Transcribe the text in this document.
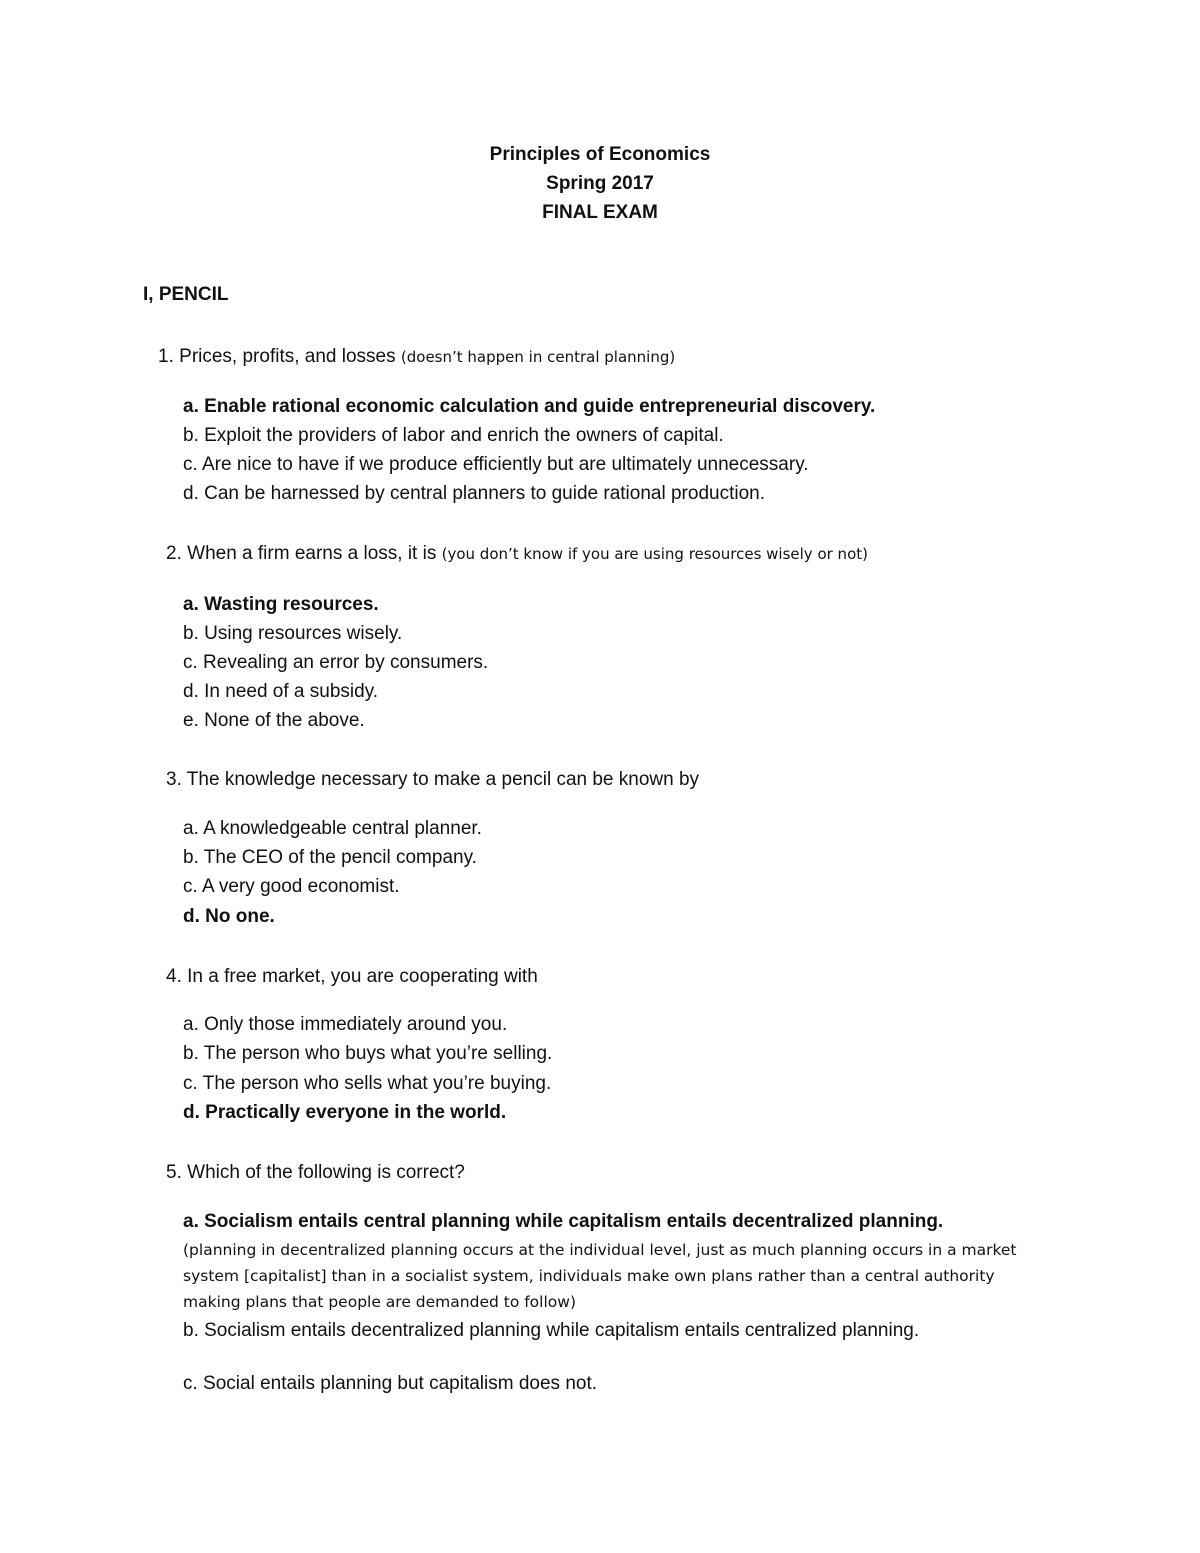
Principles of Economics
Spring 2017
FINAL EXAM
I, PENCIL
1. Prices, profits, and losses (doesn’t happen in central planning)
a. Enable rational economic calculation and guide entrepreneurial discovery.
b. Exploit the providers of labor and enrich the owners of capital.
c. Are nice to have if we produce efficiently but are ultimately unnecessary.
d. Can be harnessed by central planners to guide rational production.
2. When a firm earns a loss, it is (you don’t know if you are using resources wisely or not)
a. Wasting resources.
b. Using resources wisely.
c. Revealing an error by consumers.
d. In need of a subsidy.
e. None of the above.
3. The knowledge necessary to make a pencil can be known by
a. A knowledgeable central planner.
b. The CEO of the pencil company.
c. A very good economist.
d. No one.
4. In a free market, you are cooperating with
a. Only those immediately around you.
b. The person who buys what you’re selling.
c. The person who sells what you’re buying.
d. Practically everyone in the world.
5. Which of the following is correct?
a. Socialism entails central planning while capitalism entails decentralized planning.
(planning in decentralized planning occurs at the individual level, just as much planning occurs in a market system [capitalist] than in a socialist system, individuals make own plans rather than a central authority making plans that people are demanded to follow)
b. Socialism entails decentralized planning while capitalism entails centralized planning.
c. Social entails planning but capitalism does not.
